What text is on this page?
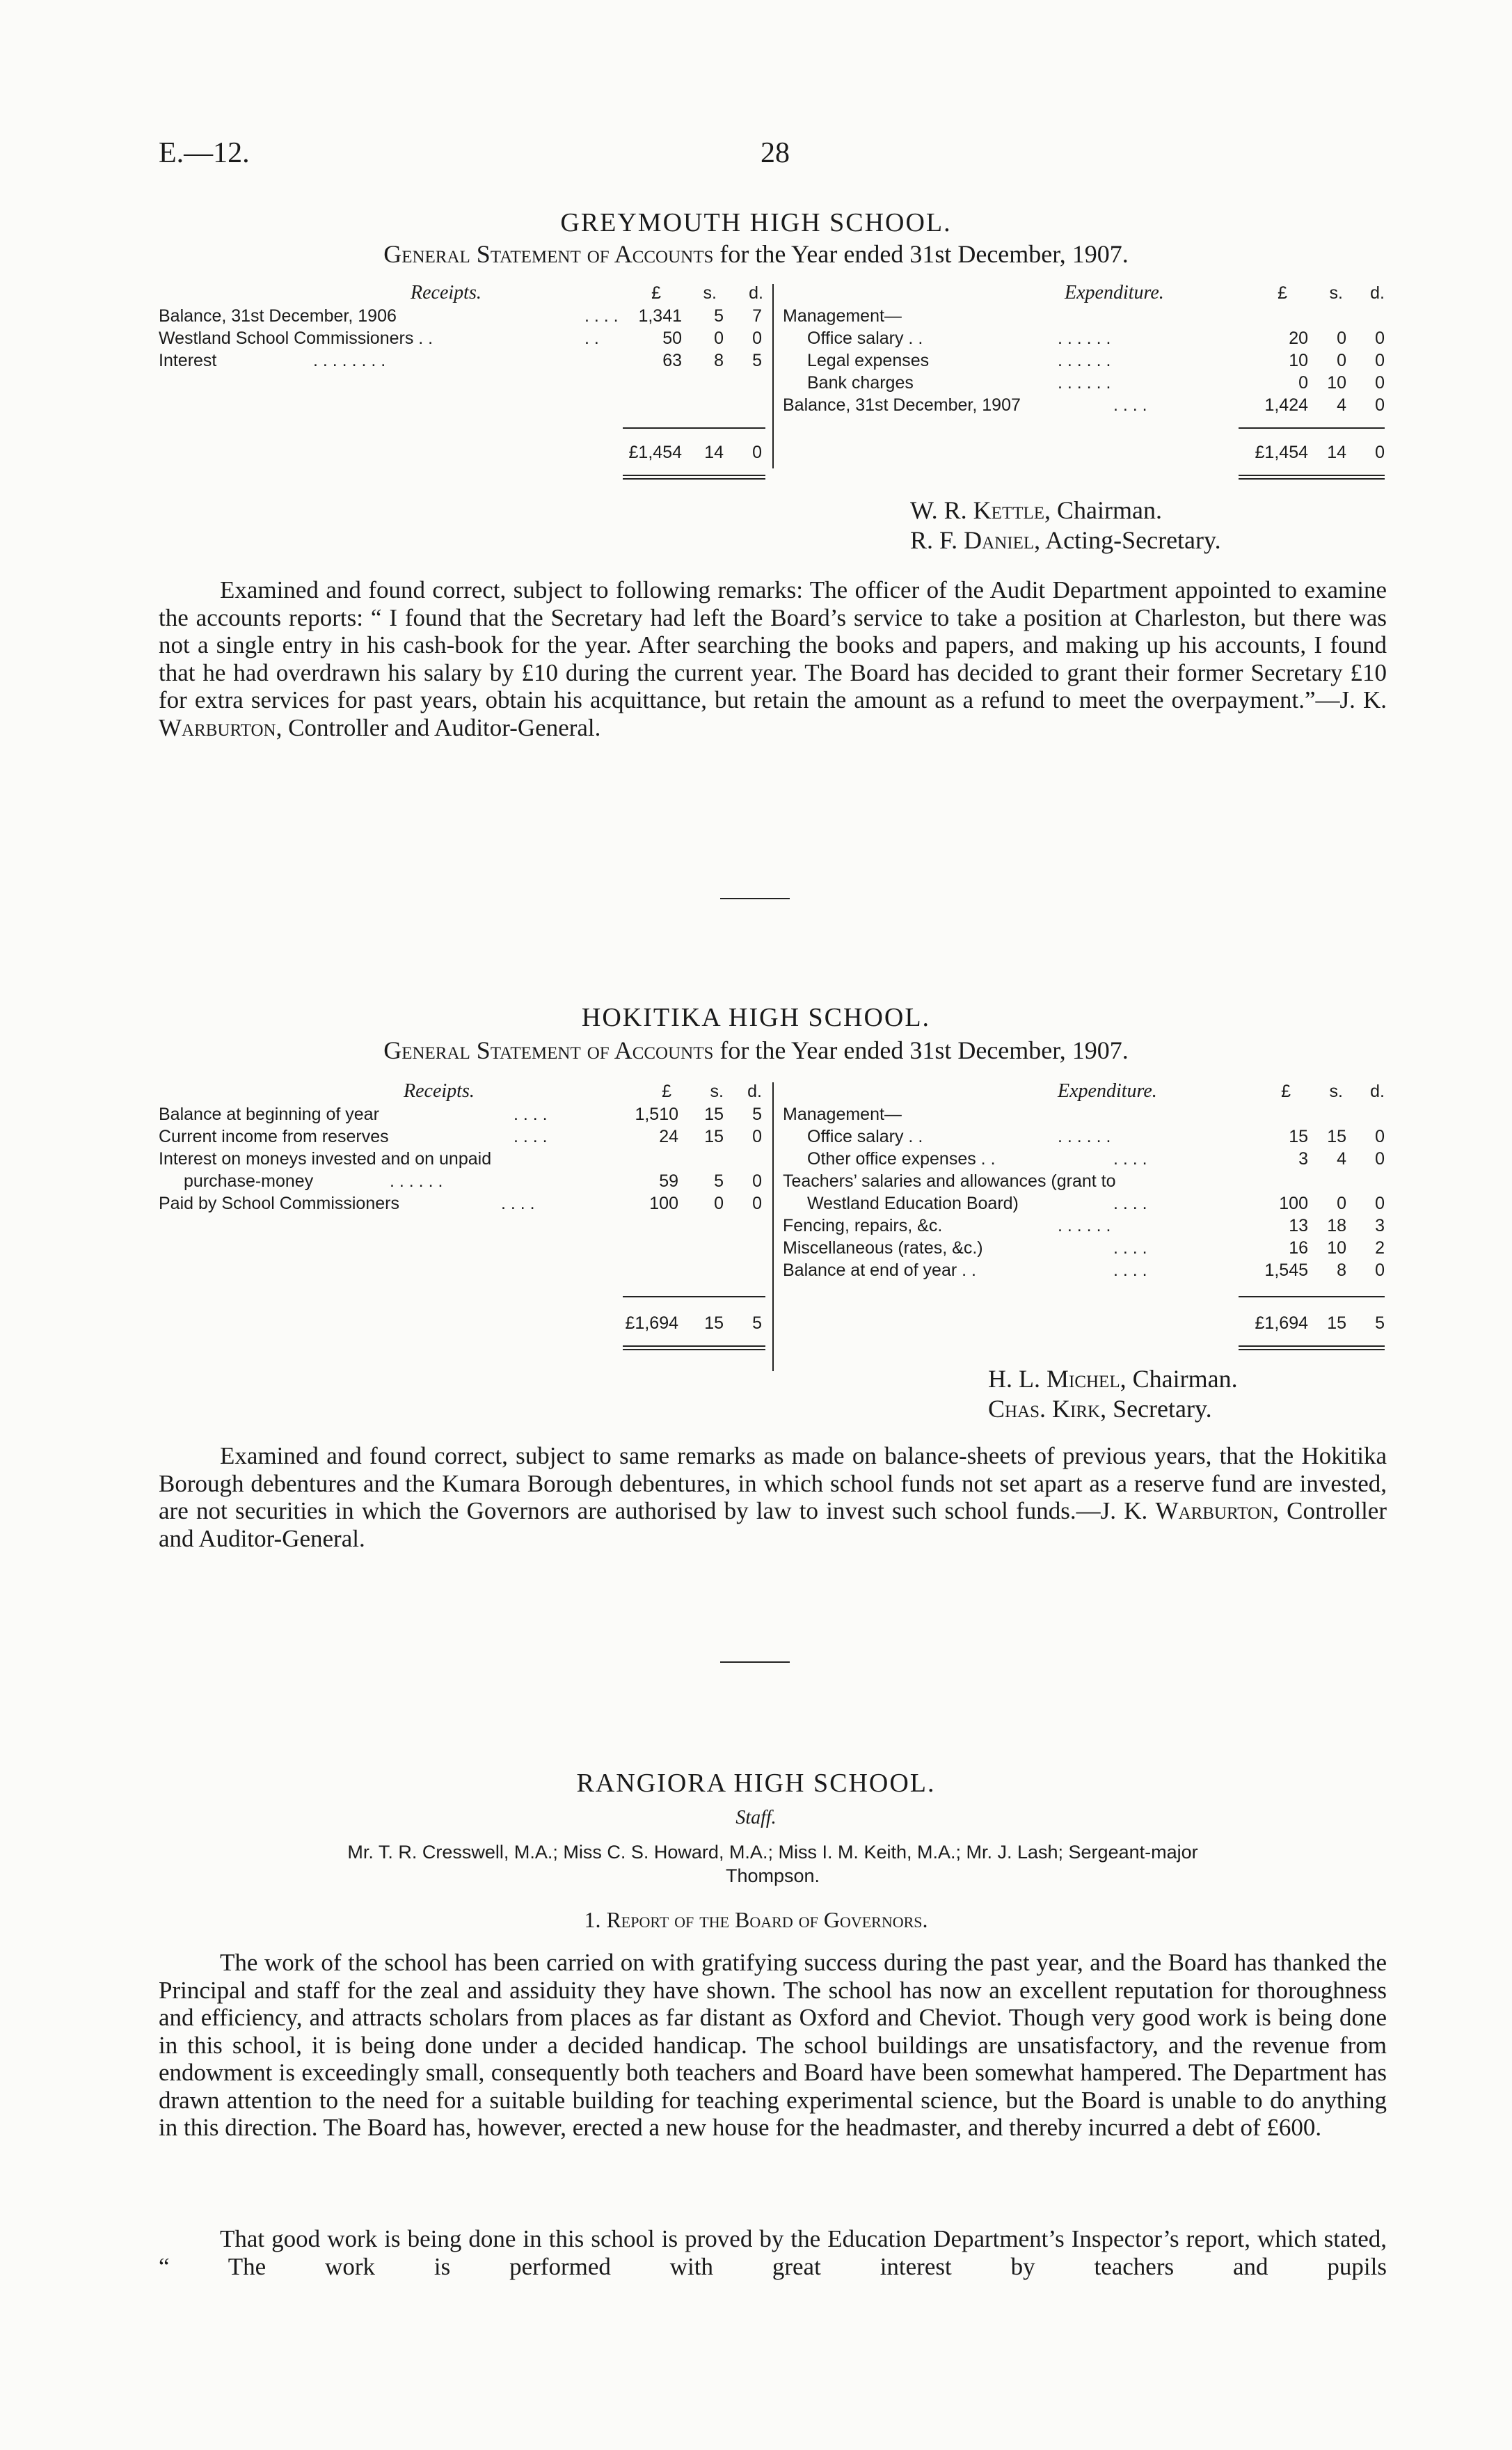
E.—12.	28
GREYMOUTH HIGH SCHOOL.
General Statement of Accounts for the Year ended 31st December, 1907.
Receipts.	£	s.	d.	Expenditure.	£	s.	d.
Balance, 31st December, 1906	. . . .	1,341	5	7
Westland School Commissioners . .	. .	50	0	0
Interest	. . . . . . . .	63	8	5
Management—
Office salary . .	. . . . . .	20	0	0
Legal expenses	. . . . . .	10	0	0
Bank charges	. . . . . .	0	10	0
Balance, 31st December, 1907	. . . .	1,424	4	0
£1,454	14	0	£1,454	14	0
W. R. Kettle, Chairman.
R. F. Daniel, Acting-Secretary.
Examined and found correct, subject to following remarks: The officer of the Audit Department appointed to examine the accounts reports: “ I found that the Secretary had left the Board’s service to take a position at Charleston, but there was not a single entry in his cash-book for the year. After searching the books and papers, and making up his accounts, I found that he had overdrawn his salary by £10 during the current year. The Board has decided to grant their former Secretary £10 for extra services for past years, obtain his acquittance, but retain the amount as a refund to meet the overpayment.”—J. K. Warburton, Controller and Auditor-General.
HOKITIKA HIGH SCHOOL.
General Statement of Accounts for the Year ended 31st December, 1907.
Receipts.	£	s.	d.	Expenditure.	£	s.	d.
Balance at beginning of year	. . . .	1,510	15	5
Current income from reserves	. . . .	24	15	0
Interest on moneys invested and on unpaid
purchase-money	. . . . . .	59	5	0
Paid by School Commissioners	. . . .	100	0	0
Management—
Office salary . .	. . . . . .	15	15	0
Other office expenses . .	. . . .	3	4	0
Teachers’ salaries and allowances (grant to
Westland Education Board)	. . . .	100	0	0
Fencing, repairs, &c.	. . . . . .	13	18	3
Miscellaneous (rates, &c.)	. . . .	16	10	2
Balance at end of year . .	. . . .	1,545	8	0
£1,694	15	5	£1,694	15	5
H. L. Michel, Chairman.
Chas. Kirk, Secretary.
Examined and found correct, subject to same remarks as made on balance-sheets of previous years, that the Hokitika Borough debentures and the Kumara Borough debentures, in which school funds not set apart as a reserve fund are invested, are not securities in which the Governors are authorised by law to invest such school funds.—J. K. Warburton, Controller and Auditor-General.
RANGIORA HIGH SCHOOL.
Staff.
Mr. T. R. Cresswell, M.A.; Miss C. S. Howard, M.A.; Miss I. M. Keith, M.A.; Mr. J. Lash; Sergeant-major
Thompson.
1. Report of the Board of Governors.
The work of the school has been carried on with gratifying success during the past year, and the Board has thanked the Principal and staff for the zeal and assiduity they have shown. The school has now an excellent reputation for thoroughness and efficiency, and attracts scholars from places as far distant as Oxford and Cheviot. Though very good work is being done in this school, it is being done under a decided handicap. The school buildings are unsatisfactory, and the revenue from endowment is exceedingly small, consequently both teachers and Board have been somewhat hampered. The Department has drawn attention to the need for a suitable building for teaching experimental science, but the Board is unable to do anything in this direction. The Board has, however, erected a new house for the headmaster, and thereby incurred a debt of £600.
That good work is being done in this school is proved by the Education Department’s Inspector’s report, which stated, “ The work is performed with great interest by teachers and pupils
